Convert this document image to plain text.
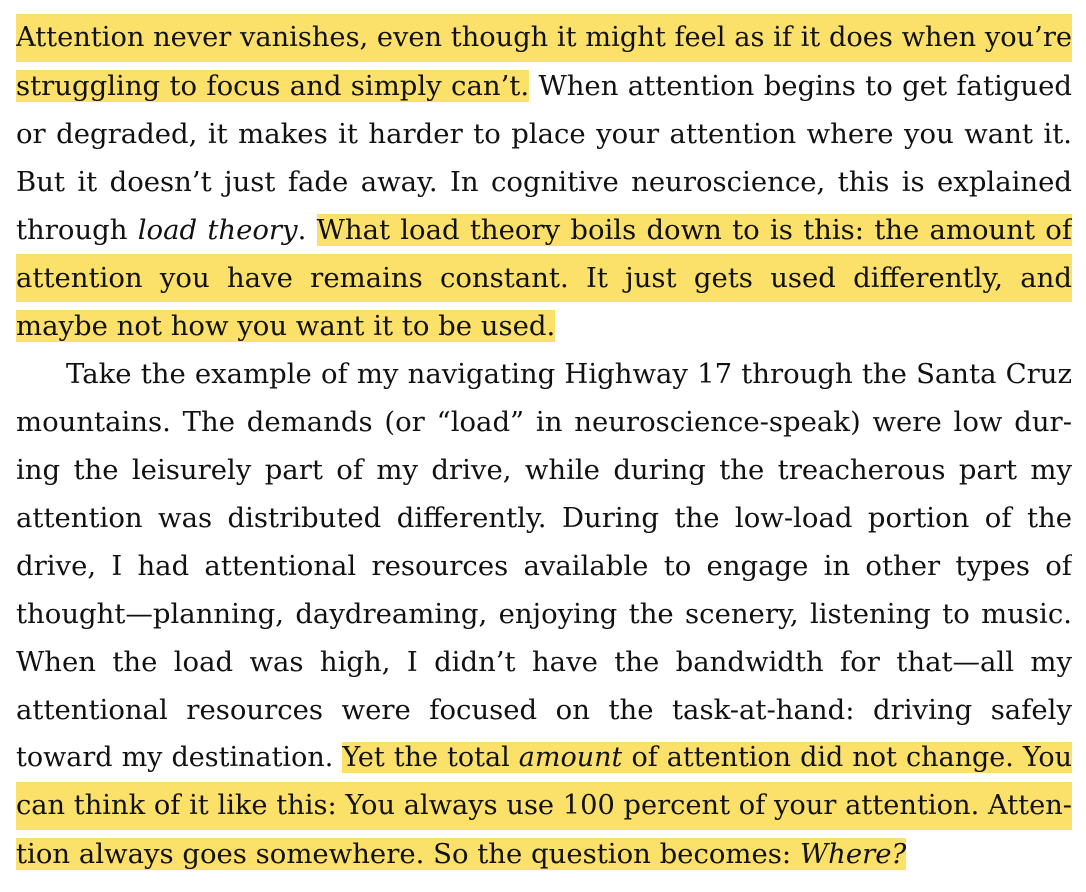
Attention never vanishes, even though it might feel as if it does when you’re
struggling to focus and simply can’t. When attention begins to get fatigued
or degraded, it makes it harder to place your attention where you want it.
But it doesn’t just fade away. In cognitive neuroscience, this is explained
through load theory. What load theory boils down to is this: the amount of
attention you have remains constant. It just gets used differently, and
maybe not how you want it to be used.
Take the example of my navigating Highway 17 through the Santa Cruz
mountains. The demands (or “load” in neuroscience-speak) were low dur-
ing the leisurely part of my drive, while during the treacherous part my
attention was distributed differently. During the low-load portion of the
drive, I had attentional resources available to engage in other types of
thought—planning, daydreaming, enjoying the scenery, listening to music.
When the load was high, I didn’t have the bandwidth for that—all my
attentional resources were focused on the task-at-hand: driving safely
toward my destination. Yet the total amount of attention did not change. You
can think of it like this: You always use 100 percent of your attention. Atten-
tion always goes somewhere. So the question becomes: Where?
